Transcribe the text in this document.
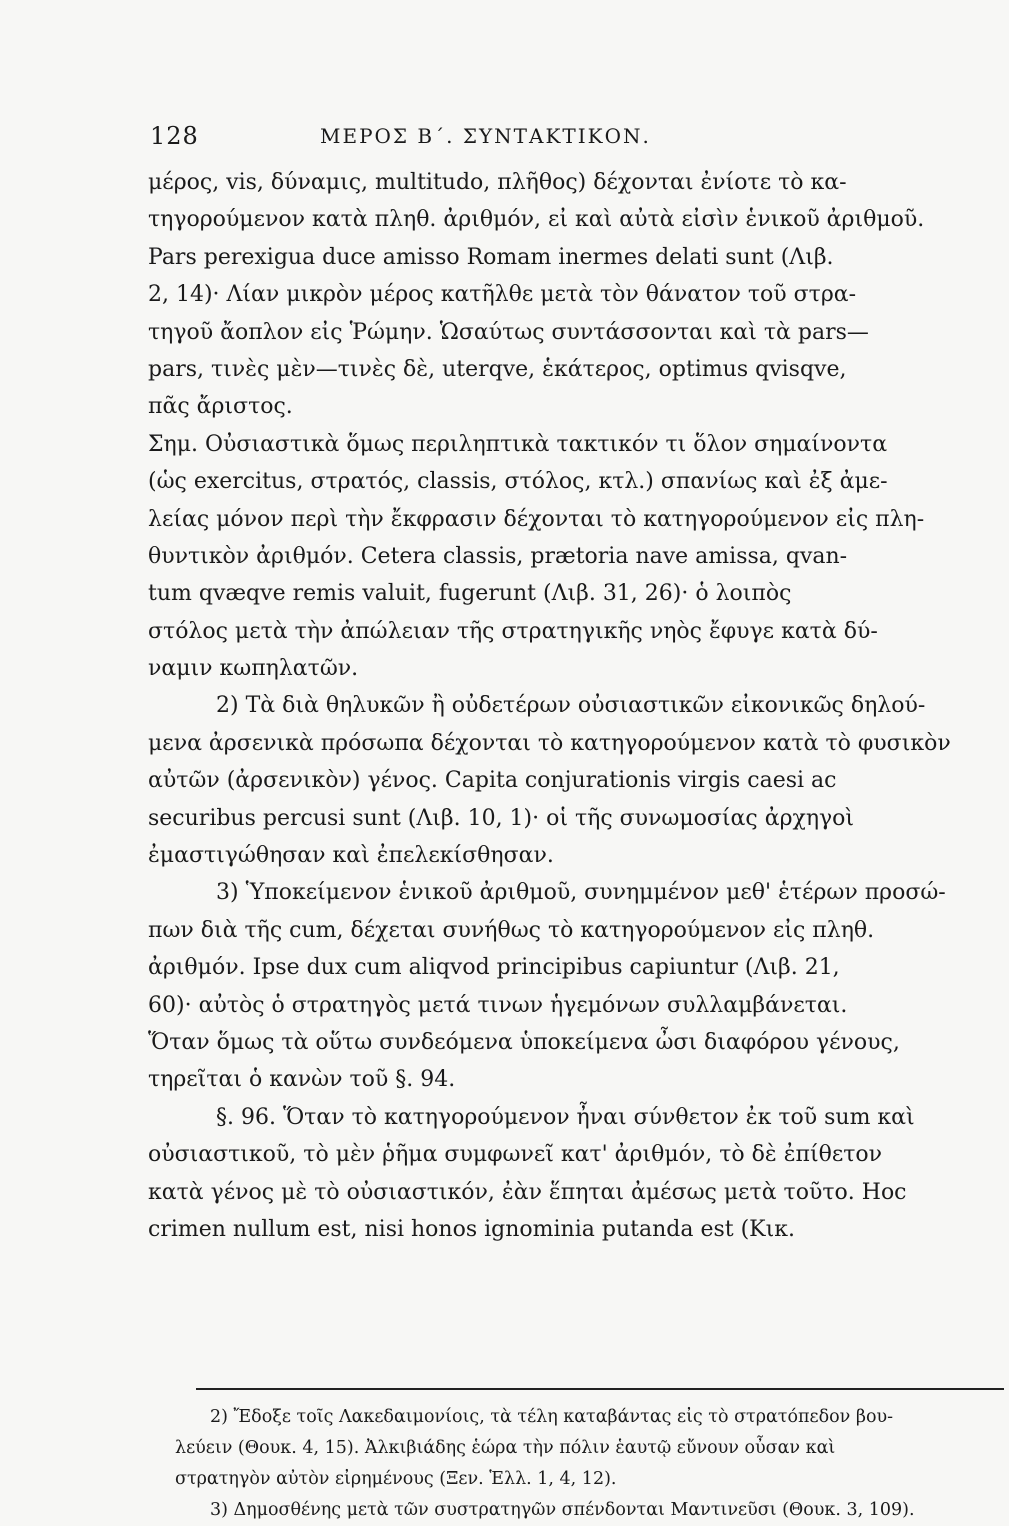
128	ΜΕΡΟΣ Β΄. ΣΥΝΤΑΚΤΙΚΟΝ.
μέρος, vis, δύναμις, multitudo, πλῆθος) δέχονται ἐνίοτε τὸ κα-
τηγορούμενον κατὰ πληθ. ἀριθμόν, εἰ καὶ αὐτὰ εἰσὶν ἑνικοῦ ἀριθμοῦ.
Pars perexigua duce amisso Romam inermes delati sunt (Λιβ.
2, 14)· Λίαν μικρὸν μέρος κατῆλθε μετὰ τὸν θάνατον τοῦ στρα-
τηγοῦ ἄοπλον εἰς Ῥώμην. Ὡσαύτως συντάσσονται καὶ τὰ pars—
pars, τινὲς μὲν—τινὲς δὲ, uterqve, ἑκάτερος, optimus qvisqve,
πᾶς ἄριστος.
Σημ. Οὐσιαστικὰ ὅμως περιληπτικὰ τακτικόν τι ὅλον σημαίνοντα
(ὡς exercitus, στρατός, classis, στόλος, κτλ.) σπανίως καὶ ἐξ ἀμε-
λείας μόνον περὶ τὴν ἔκφρασιν δέχονται τὸ κατηγορούμενον εἰς πλη-
θυντικὸν ἀριθμόν. Cetera classis, prætoria nave amissa, qvan-
tum qvæqve remis valuit, fugerunt (Λιβ. 31, 26)· ὁ λοιπὸς
στόλος μετὰ τὴν ἀπώλειαν τῆς στρατηγικῆς νηὸς ἔφυγε κατὰ δύ-
ναμιν κωπηλατῶν.
2) Τὰ διὰ θηλυκῶν ἢ οὐδετέρων οὐσιαστικῶν εἰκονικῶς δηλού-
μενα ἀρσενικὰ πρόσωπα δέχονται τὸ κατηγορούμενον κατὰ τὸ φυσικὸν
αὐτῶν (ἀρσενικὸν) γένος. Capita conjurationis virgis caesi ac
securibus percusi sunt (Λιβ. 10, 1)· οἱ τῆς συνωμοσίας ἀρχηγοὶ
ἐμαστιγώθησαν καὶ ἐπελεκίσθησαν.
3) Ὑποκείμενον ἑνικοῦ ἀριθμοῦ, συνημμένον μεθ' ἑτέρων προσώ-
πων διὰ τῆς cum, δέχεται συνήθως τὸ κατηγορούμενον εἰς πληθ.
ἀριθμόν. Ipse dux cum aliqvod principibus capiuntur (Λιβ. 21,
60)· αὐτὸς ὁ στρατηγὸς μετά τινων ἡγεμόνων συλλαμβάνεται.
Ὅταν ὅμως τὰ οὕτω συνδεόμενα ὑποκείμενα ὦσι διαφόρου γένους,
τηρεῖται ὁ κανὼν τοῦ §. 94.
§. 96. Ὅταν τὸ κατηγορούμενον ἦναι σύνθετον ἐκ τοῦ sum καὶ
οὐσιαστικοῦ, τὸ μὲν ῥῆμα συμφωνεῖ κατ' ἀριθμόν, τὸ δὲ ἐπίθετον
κατὰ γένος μὲ τὸ οὐσιαστικόν, ἐὰν ἕπηται ἀμέσως μετὰ τοῦτο. Hoc
crimen nullum est, nisi honos ignominia putanda est (Κικ.
2) Ἔδοξε τοῖς Λακεδαιμονίοις, τὰ τέλη καταβάντας εἰς τὸ στρατόπεδον βου-
λεύειν (Θουκ. 4, 15). Ἀλκιβιάδης ἑώρα τὴν πόλιν ἑαυτῷ εὔνουν οὖσαν καὶ
στρατηγὸν αὐτὸν εἰρημένους (Ξεν. Ἑλλ. 1, 4, 12).
3) Δημοσθένης μετὰ τῶν συστρατηγῶν σπένδονται Μαντινεῦσι (Θουκ. 3, 109).
